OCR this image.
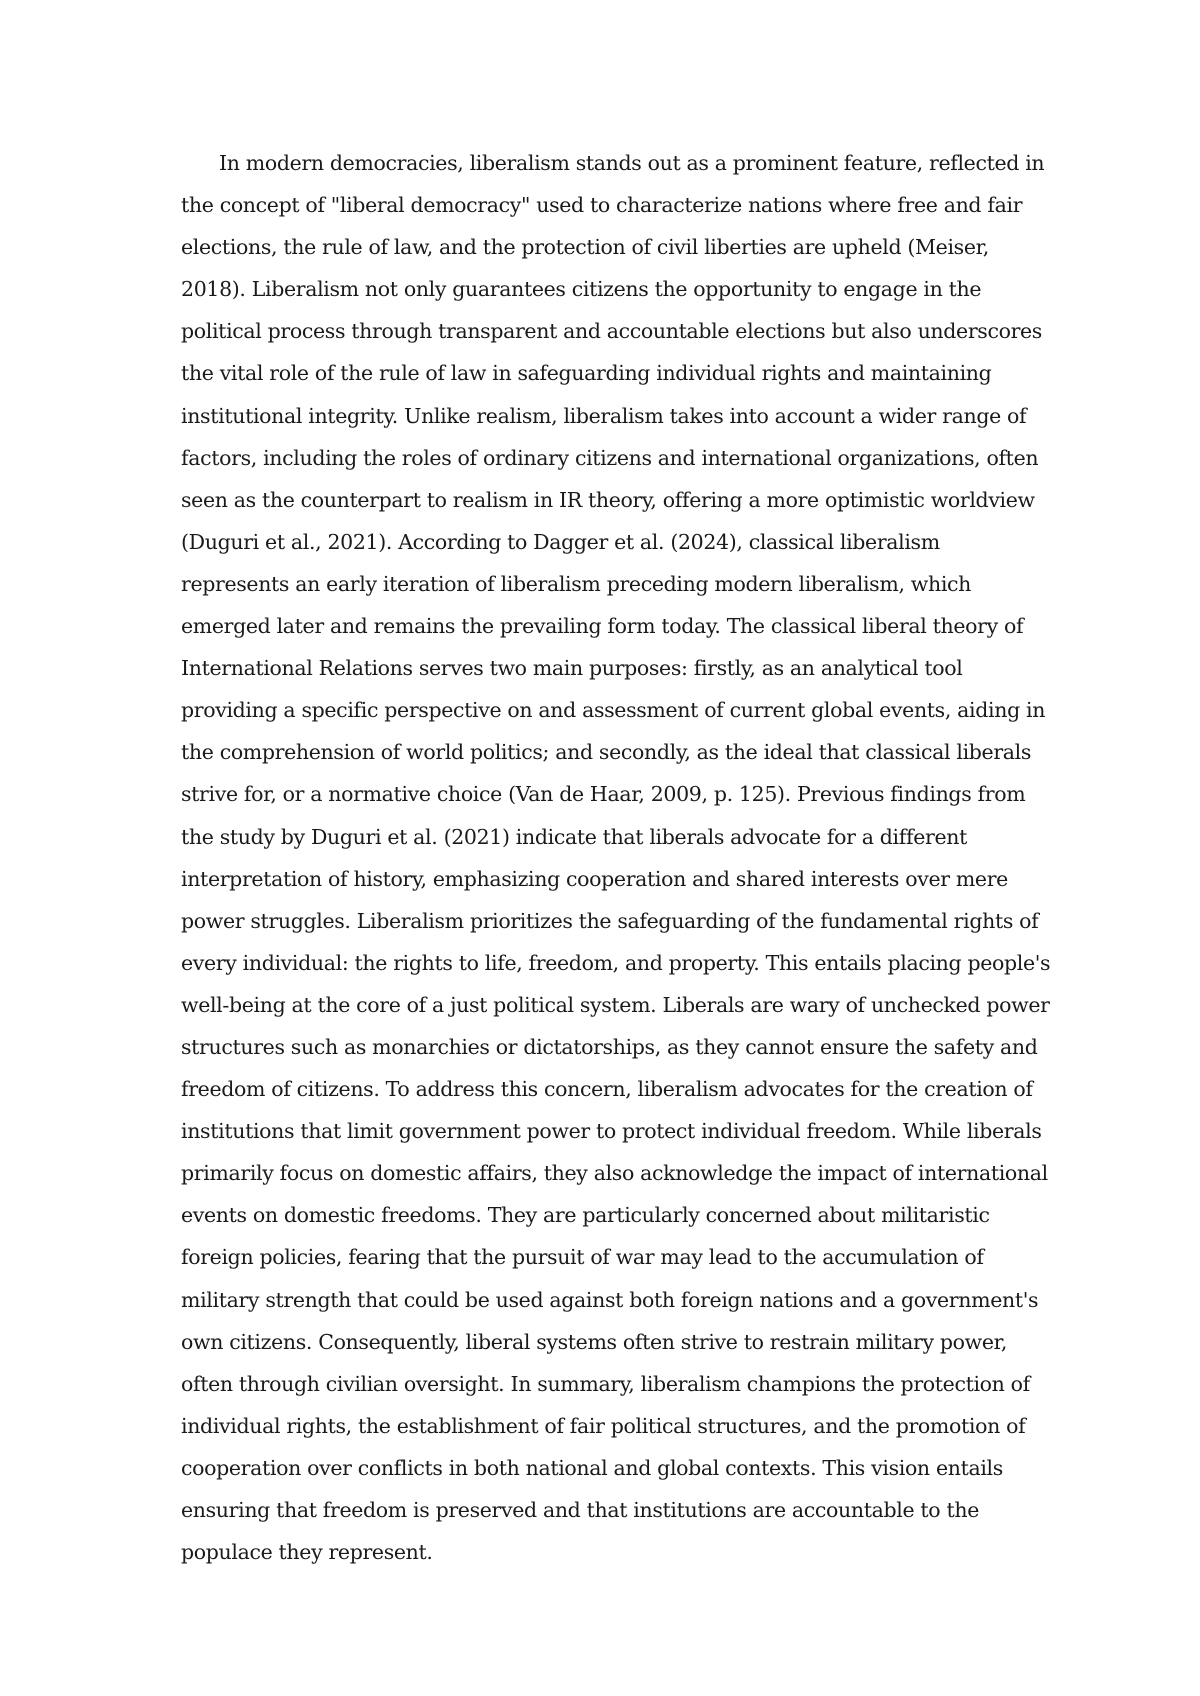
In modern democracies, liberalism stands out as a prominent feature, reflected in
the concept of "liberal democracy" used to characterize nations where free and fair
elections, the rule of law, and the protection of civil liberties are upheld (Meiser,
2018). Liberalism not only guarantees citizens the opportunity to engage in the
political process through transparent and accountable elections but also underscores
the vital role of the rule of law in safeguarding individual rights and maintaining
institutional integrity. Unlike realism, liberalism takes into account a wider range of
factors, including the roles of ordinary citizens and international organizations, often
seen as the counterpart to realism in IR theory, offering a more optimistic worldview
(Duguri et al., 2021). According to Dagger et al. (2024), classical liberalism
represents an early iteration of liberalism preceding modern liberalism, which
emerged later and remains the prevailing form today. The classical liberal theory of
International Relations serves two main purposes: firstly, as an analytical tool
providing a specific perspective on and assessment of current global events, aiding in
the comprehension of world politics; and secondly, as the ideal that classical liberals
strive for, or a normative choice (Van de Haar, 2009, p. 125). Previous findings from
the study by Duguri et al. (2021) indicate that liberals advocate for a different
interpretation of history, emphasizing cooperation and shared interests over mere
power struggles. Liberalism prioritizes the safeguarding of the fundamental rights of
every individual: the rights to life, freedom, and property. This entails placing people's
well-being at the core of a just political system. Liberals are wary of unchecked power
structures such as monarchies or dictatorships, as they cannot ensure the safety and
freedom of citizens. To address this concern, liberalism advocates for the creation of
institutions that limit government power to protect individual freedom. While liberals
primarily focus on domestic affairs, they also acknowledge the impact of international
events on domestic freedoms. They are particularly concerned about militaristic
foreign policies, fearing that the pursuit of war may lead to the accumulation of
military strength that could be used against both foreign nations and a government's
own citizens. Consequently, liberal systems often strive to restrain military power,
often through civilian oversight. In summary, liberalism champions the protection of
individual rights, the establishment of fair political structures, and the promotion of
cooperation over conflicts in both national and global contexts. This vision entails
ensuring that freedom is preserved and that institutions are accountable to the
populace they represent.
